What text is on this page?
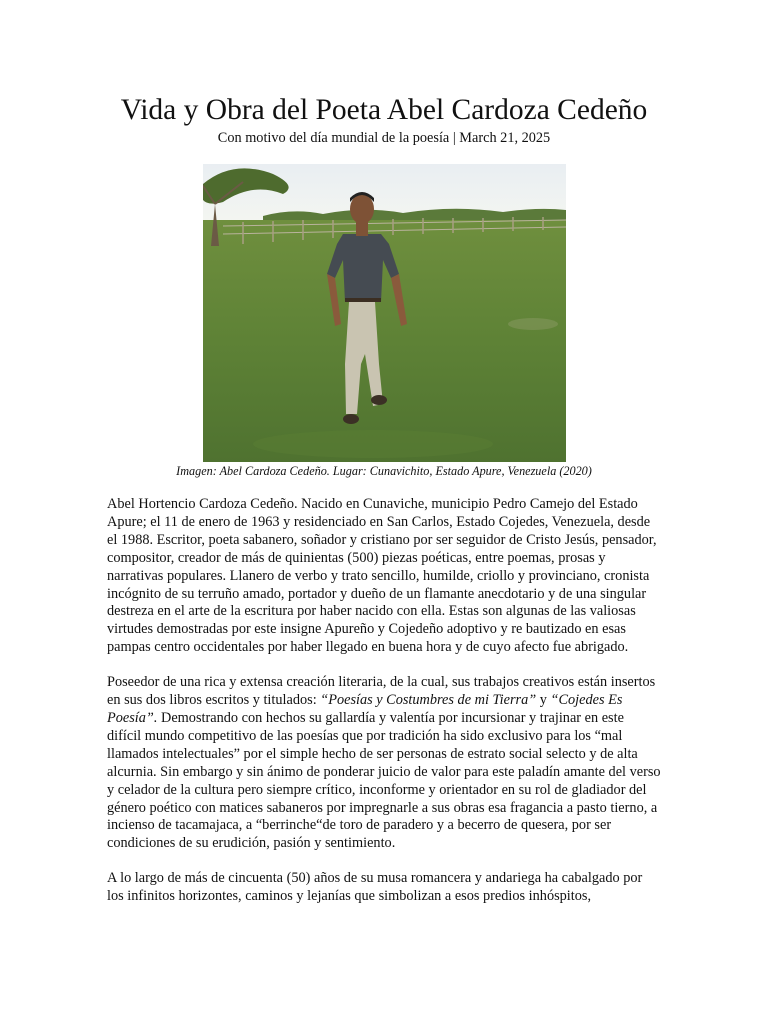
Vida y Obra del Poeta Abel Cardoza Cedeño
Con motivo del día mundial de la poesía | March 21, 2025
Imagen: Abel Cardoza Cedeño. Lugar: Cunavichito, Estado Apure, Venezuela (2020)

Abel Hortencio Cardoza Cedeño. Nacido en Cunaviche, municipio Pedro Camejo del Estado Apure; el 11 de enero de 1963 y residenciado en San Carlos, Estado Cojedes, Venezuela, desde el 1988. Escritor, poeta sabanero, soñador y cristiano por ser seguidor de Cristo Jesús, pensador, compositor, creador de más de quinientas (500) piezas poéticas, entre poemas, prosas y narrativas populares. Llanero de verbo y trato sencillo, humilde, criollo y provinciano, cronista incógnito de su terruño amado, portador y dueño de un flamante anecdotario y de una singular destreza en el arte de la escritura por haber nacido con ella. Estas son algunas de las valiosas virtudes demostradas por este insigne Apureño y Cojedeño adoptivo y re bautizado en esas pampas centro occidentales por haber llegado en buena hora y de cuyo afecto fue abrigado.

Poseedor de una rica y extensa creación literaria, de la cual, sus trabajos creativos están insertos en sus dos libros escritos y titulados: “Poesías y Costumbres de mi Tierra” y “Cojedes Es Poesía”. Demostrando con hechos su gallardía y valentía por incursionar y trajinar en este difícil mundo competitivo de las poesías que por tradición ha sido exclusivo para los “mal llamados intelectuales” por el simple hecho de ser personas de estrato social selecto y de alta alcurnia. Sin embargo y sin ánimo de ponderar juicio de valor para este paladín amante del verso y celador de la cultura pero siempre crítico, inconforme y orientador en su rol de gladiador del género poético con matices sabaneros por impregnarle a sus obras esa fragancia a pasto tierno, a incienso de tacamajaca, a “berrinche“de toro de paradero y a becerro de quesera, por ser condiciones de su erudición, pasión y sentimiento.

A lo largo de más de cincuenta (50) años de su musa romancera y andariega ha cabalgado por los infinitos horizontes, caminos y lejanías que simbolizan a esos predios inhóspitos,
